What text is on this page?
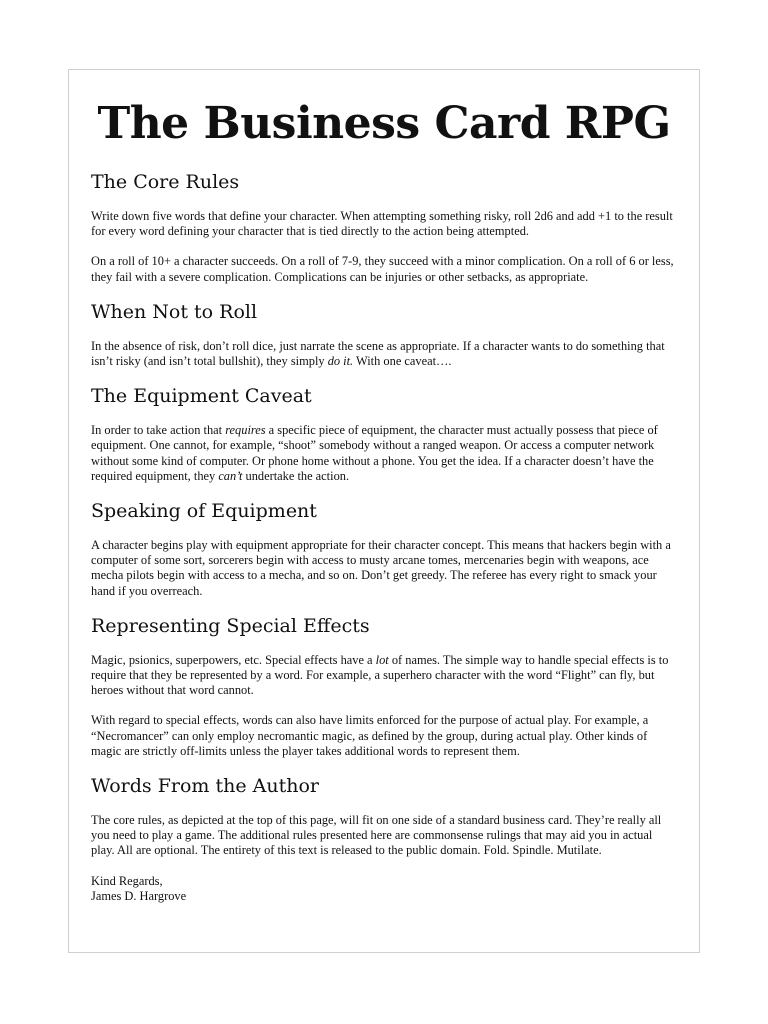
The Business Card RPG
The Core Rules

Write down five words that define your character. When attempting something risky, roll 2d6 and add +1 to the result for every word defining your character that is tied directly to the action being attempted.

On a roll of 10+ a character succeeds. On a roll of 7-9, they succeed with a minor complication. On a roll of 6 or less, they fail with a severe complication. Complications can be injuries or other setbacks, as appropriate.

When Not to Roll

In the absence of risk, don’t roll dice, just narrate the scene as appropriate. If a character wants to do something that isn’t risky (and isn’t total bullshit), they simply do it. With one caveat….

The Equipment Caveat

In order to take action that requires a specific piece of equipment, the character must actually possess that piece of equipment. One cannot, for example, “shoot” somebody without a ranged weapon. Or access a computer network without some kind of computer. Or phone home without a phone. You get the idea. If a character doesn’t have the required equipment, they can’t undertake the action.

Speaking of Equipment

A character begins play with equipment appropriate for their character concept. This means that hackers begin with a computer of some sort, sorcerers begin with access to musty arcane tomes, mercenaries begin with weapons, ace mecha pilots begin with access to a mecha, and so on. Don’t get greedy. The referee has every right to smack your hand if you overreach.

Representing Special Effects

Magic, psionics, superpowers, etc. Special effects have a lot of names. The simple way to handle special effects is to require that they be represented by a word. For example, a superhero character with the word “Flight” can fly, but heroes without that word cannot.

With regard to special effects, words can also have limits enforced for the purpose of actual play. For example, a “Necromancer” can only employ necromantic magic, as defined by the group, during actual play. Other kinds of magic are strictly off-limits unless the player takes additional words to represent them.

Words From the Author

The core rules, as depicted at the top of this page, will fit on one side of a standard business card. They’re really all you need to play a game. The additional rules presented here are commonsense rulings that may aid you in actual play. All are optional. The entirety of this text is released to the public domain. Fold. Spindle. Mutilate.

Kind Regards,
James D. Hargrove
